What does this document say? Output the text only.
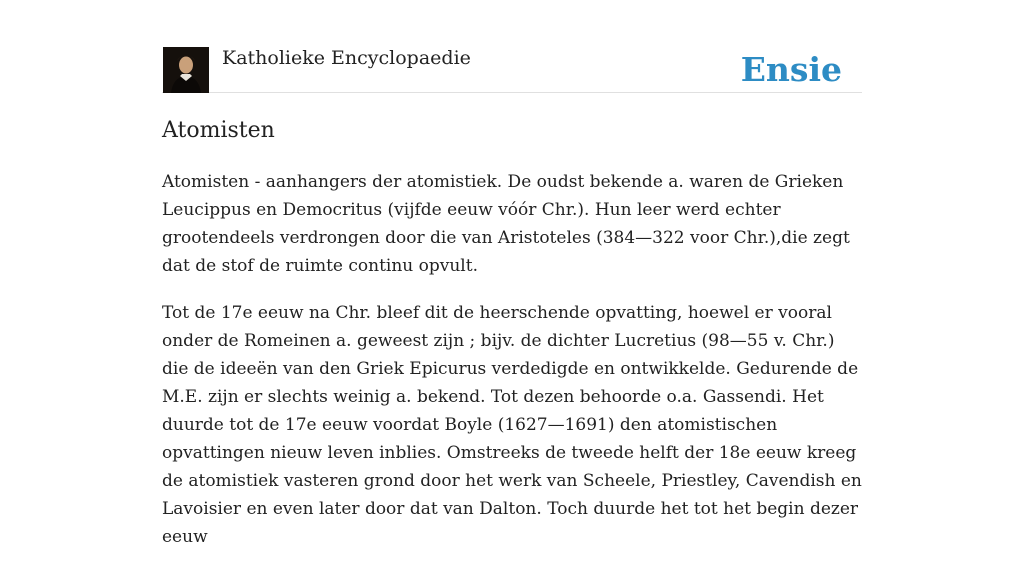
Katholieke Encyclopaedie	Ensie
Atomisten

Atomisten - aanhangers der atomistiek. De oudst bekende a. waren de Grieken Leucippus en Democritus (vijfde eeuw vóór Chr.). Hun leer werd echter grootendeels verdrongen door die van Aristoteles (384—322 voor Chr.),die zegt dat de stof de ruimte continu opvult.

Tot de 17e eeuw na Chr. bleef dit de heerschende opvatting, hoewel er vooral onder de Romeinen a. geweest zijn ; bijv. de dichter Lucretius (98—55 v. Chr.) die de ideeën van den Griek Epicurus verdedigde en ontwikkelde. Gedurende de M.E. zijn er slechts weinig a. bekend. Tot dezen behoorde o.a. Gassendi. Het duurde tot de 17e eeuw voordat Boyle (1627—1691) den atomistischen opvattingen nieuw leven inblies. Omstreeks de tweede helft der 18e eeuw kreeg de atomistiek vasteren grond door het werk van Scheele, Priestley, Cavendish en Lavoisier en even later door dat van Dalton. Toch duurde het tot het begin dezer eeuw
